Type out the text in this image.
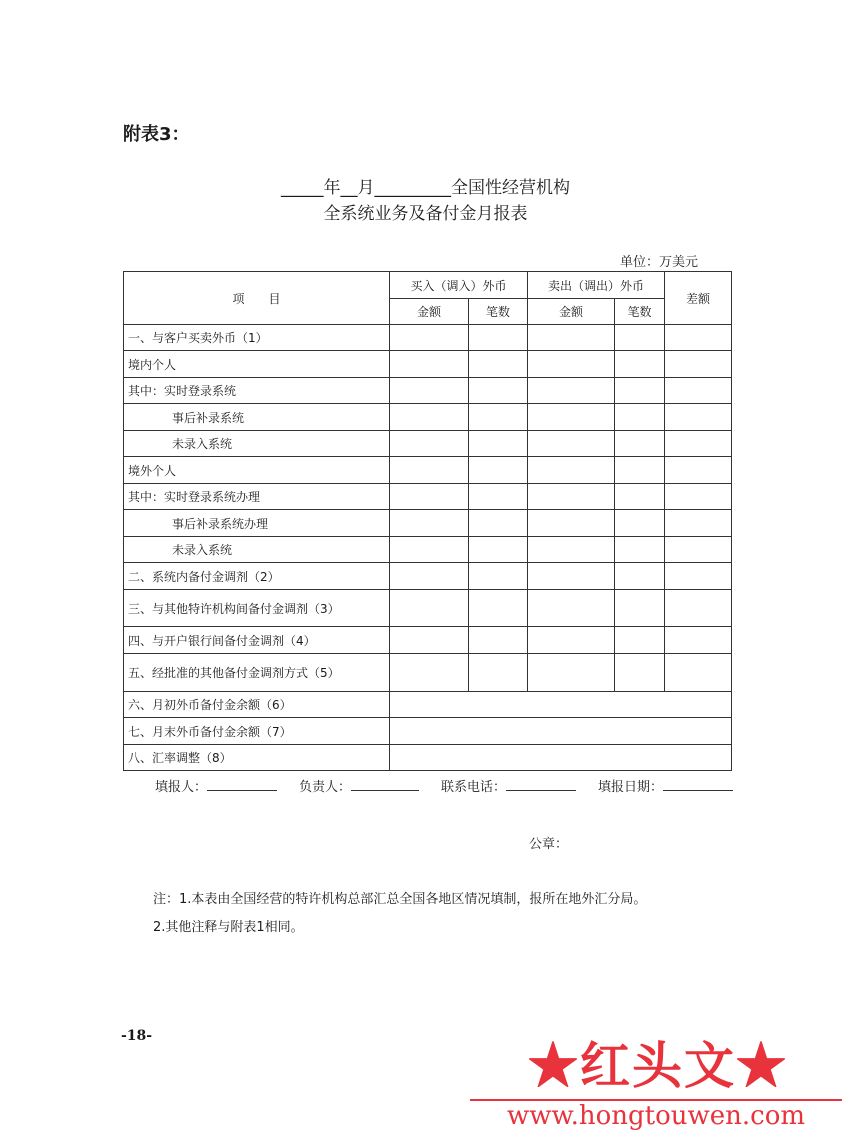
附表3：
_____年__月_________全国性经营机构
全系统业务及备付金月报表
单位：万美元
项　　目	买入（调入）外币		卖出（调出）外币		差额
	金额	笔数	金额	笔数	
一、与客户买卖外币（1）					
境内个人					
其中：实时登录系统					
事后补录系统					
未录入系统					
境外个人					
其中：实时登录系统办理					
事后补录系统办理					
未录入系统					
二、系统内备付金调剂（2）					
三、与其他特许机构间备付金调剂（3）					
四、与开户银行间备付金调剂（4）					
五、经批准的其他备付金调剂方式（5）					
六、月初外币备付金余额（6）					
七、月末外币备付金余额（7）					
八、汇率调整（8）					
填报人：	负责人：	联系电话：	填报日期：
公章：
注：1.本表由全国经营的特许机构总部汇总全国各地区情况填制，报所在地外汇分局。
2.其他注释与附表1相同。
-18-	★红头文★
www.hongtouwen.com
